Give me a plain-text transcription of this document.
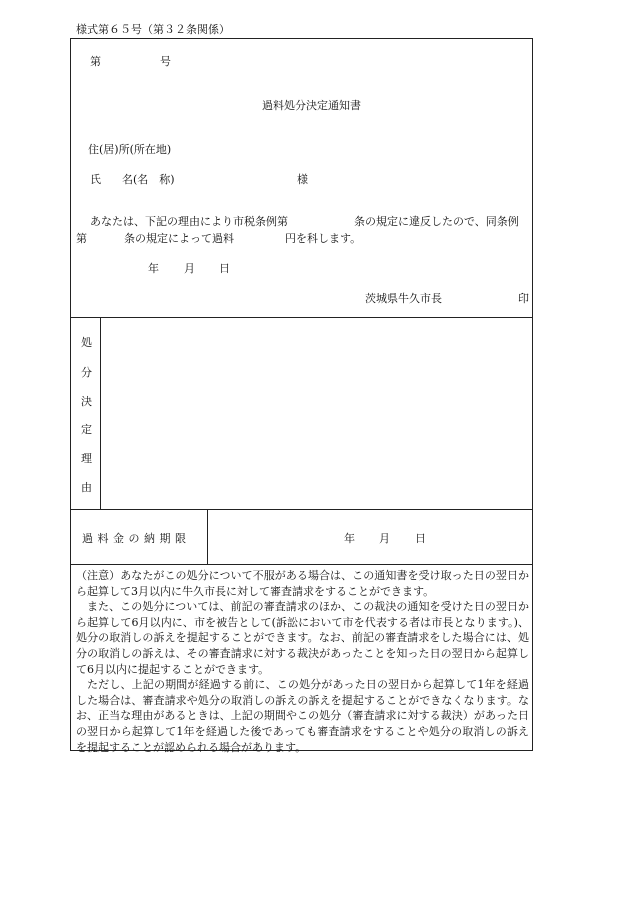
様式第６５号（第３２条関係）
第	号
過料処分決定通知書
住(居)所(所在地)
氏 名(名　称)	様
あなたは、下記の理由により市税条例第	条の規定に違反したので、同条例
第	条の規定によって過料	円を科します。
年 月 日
茨城県牛久市長	印
処
分
決
定
理
由
過 料 金 の 納 期 限	年 月 日

（注意）あなたがこの処分について不服がある場合は、この通知書を受け取った日の翌日から起算して3月以内に牛久市長に対して審査請求をすることができます。

また、この処分については、前記の審査請求のほか、この裁決の通知を受けた日の翌日から起算して6月以内に、市を被告として(訴訟において市を代表する者は市長となります。)、処分の取消しの訴えを提起することができます。なお、前記の審査請求をした場合には、処分の取消しの訴えは、その審査請求に対する裁決があったことを知った日の翌日から起算して6月以内に提起することができます。

ただし、上記の期間が経過する前に、この処分があった日の翌日から起算して1年を経過した場合は、審査請求や処分の取消しの訴えの訴えを提起することができなくなります。なお、正当な理由があるときは、上記の期間やこの処分（審査請求に対する裁決）があった日の翌日から起算して1年を経過した後であっても審査請求をすることや処分の取消しの訴えを提起することが認められる場合があります。
